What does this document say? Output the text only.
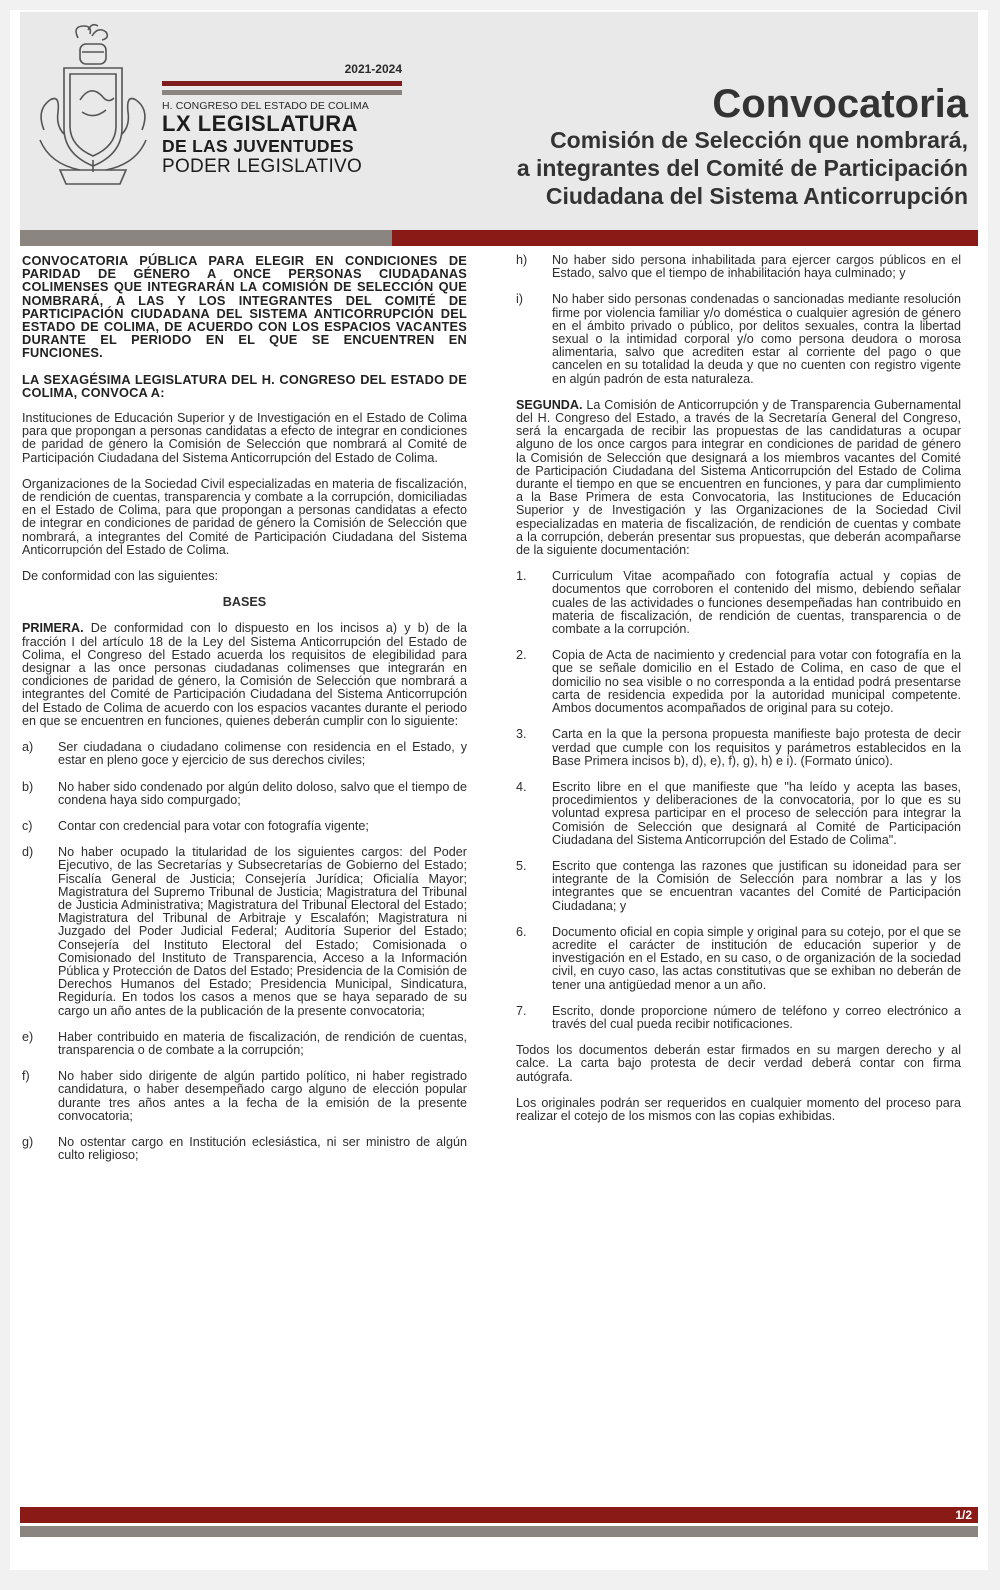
2021-2024
H. CONGRESO DEL ESTADO DE COLIMA
LX LEGISLATURA
DE LAS JUVENTUDES
PODER LEGISLATIVO
Convocatoria
Comisión de Selección que nombrará,
a integrantes del Comité de Participación
Ciudadana del Sistema Anticorrupción

CONVOCATORIA PÚBLICA PARA ELEGIR EN CONDICIONES DE PARIDAD DE GÉNERO A ONCE PERSONAS CIUDADANAS COLIMENSES QUE INTEGRARÁN LA COMISIÓN DE SELECCIÓN QUE NOMBRARÁ, A LAS Y LOS INTEGRANTES DEL COMITÉ DE PARTICIPACIÓN CIUDADANA DEL SISTEMA ANTICORRUPCIÓN DEL ESTADO DE COLIMA, DE ACUERDO CON LOS ESPACIOS VACANTES DURANTE EL PERIODO EN EL QUE SE ENCUENTREN EN FUNCIONES.

LA SEXAGÉSIMA LEGISLATURA DEL H. CONGRESO DEL ESTADO DE COLIMA, CONVOCA A:

Instituciones de Educación Superior y de Investigación en el Estado de Colima para que propongan a personas candidatas a efecto de integrar en condiciones de paridad de género la Comisión de Selección que nombrará al Comité de Participación Ciudadana del Sistema Anticorrupción del Estado de Colima.

Organizaciones de la Sociedad Civil especializadas en materia de fiscalización, de rendición de cuentas, transparencia y combate a la corrupción, domiciliadas en el Estado de Colima, para que propongan a personas candidatas a efecto de integrar en condiciones de paridad de género la Comisión de Selección que nombrará, a integrantes del Comité de Participación Ciudadana del Sistema Anticorrupción del Estado de Colima.

De conformidad con las siguientes:

BASES

PRIMERA. De conformidad con lo dispuesto en los incisos a) y b) de la fracción I del artículo 18 de la Ley del Sistema Anticorrupción del Estado de Colima, el Congreso del Estado acuerda los requisitos de elegibilidad para designar a las once personas ciudadanas colimenses que integrarán en condiciones de paridad de género, la Comisión de Selección que nombrará a integrantes del Comité de Participación Ciudadana del Sistema Anticorrupción del Estado de Colima de acuerdo con los espacios vacantes durante el periodo en que se encuentren en funciones, quienes deberán cumplir con lo siguiente:

a)	Ser ciudadana o ciudadano colimense con residencia en el Estado, y estar en pleno goce y ejercicio de sus derechos civiles;
b)	No haber sido condenado por algún delito doloso, salvo que el tiempo de condena haya sido compurgado;
c)	Contar con credencial para votar con fotografía vigente;
d)	No haber ocupado la titularidad de los siguientes cargos: del Poder Ejecutivo, de las Secretarías y Subsecretarías de Gobierno del Estado; Fiscalía General de Justicia; Consejería Jurídica; Oficialía Mayor; Magistratura del Supremo Tribunal de Justicia; Magistratura del Tribunal de Justicia Administrativa; Magistratura del Tribunal Electoral del Estado; Magistratura del Tribunal de Arbitraje y Escalafón; Magistratura ni Juzgado del Poder Judicial Federal; Auditoría Superior del Estado; Consejería del Instituto Electoral del Estado; Comisionada o Comisionado del Instituto de Transparencia, Acceso a la Información Pública y Protección de Datos del Estado; Presidencia de la Comisión de Derechos Humanos del Estado; Presidencia Municipal, Sindicatura, Regiduría. En todos los casos a menos que se haya separado de su cargo un año antes de la publicación de la presente convocatoria;
e)	Haber contribuido en materia de fiscalización, de rendición de cuentas, transparencia o de combate a la corrupción;
f)	No haber sido dirigente de algún partido político, ni haber registrado candidatura, o haber desempeñado cargo alguno de elección popular durante tres años antes a la fecha de la emisión de la presente convocatoria;
g)	No ostentar cargo en Institución eclesiástica, ni ser ministro de algún culto religioso;
h)	No haber sido persona inhabilitada para ejercer cargos públicos en el Estado, salvo que el tiempo de inhabilitación haya culminado; y
i)	No haber sido personas condenadas o sancionadas mediante resolución firme por violencia familiar y/o doméstica o cualquier agresión de género en el ámbito privado o público, por delitos sexuales, contra la libertad sexual o la intimidad corporal y/o como persona deudora o morosa alimentaria, salvo que acrediten estar al corriente del pago o que cancelen en su totalidad la deuda y que no cuenten con registro vigente en algún padrón de esta naturaleza.

SEGUNDA. La Comisión de Anticorrupción y de Transparencia Gubernamental del H. Congreso del Estado, a través de la Secretaría General del Congreso, será la encargada de recibir las propuestas de las candidaturas a ocupar alguno de los once cargos para integrar en condiciones de paridad de género la Comisión de Selección que designará a los miembros vacantes del Comité de Participación Ciudadana del Sistema Anticorrupción del Estado de Colima durante el tiempo en que se encuentren en funciones, y para dar cumplimiento a la Base Primera de esta Convocatoria, las Instituciones de Educación Superior y de Investigación y las Organizaciones de la Sociedad Civil especializadas en materia de fiscalización, de rendición de cuentas y combate a la corrupción, deberán presentar sus propuestas, que deberán acompañarse de la siguiente documentación:

1.	Curriculum Vitae acompañado con fotografía actual y copias de documentos que corroboren el contenido del mismo, debiendo señalar cuales de las actividades o funciones desempeñadas han contribuido en materia de fiscalización, de rendición de cuentas, transparencia o de combate a la corrupción.
2.	Copia de Acta de nacimiento y credencial para votar con fotografía en la que se señale domicilio en el Estado de Colima, en caso de que el domicilio no sea visible o no corresponda a la entidad podrá presentarse carta de residencia expedida por la autoridad municipal competente. Ambos documentos acompañados de original para su cotejo.
3.	Carta en la que la persona propuesta manifieste bajo protesta de decir verdad que cumple con los requisitos y parámetros establecidos en la Base Primera incisos b), d), e), f), g), h) e i). (Formato único).
4.	Escrito libre en el que manifieste que "ha leído y acepta las bases, procedimientos y deliberaciones de la convocatoria, por lo que es su voluntad expresa participar en el proceso de selección para integrar la Comisión de Selección que designará al Comité de Participación Ciudadana del Sistema Anticorrupción del Estado de Colima".
5.	Escrito que contenga las razones que justifican su idoneidad para ser integrante de la Comisión de Selección para nombrar a las y los integrantes que se encuentran vacantes del Comité de Participación Ciudadana; y
6.	Documento oficial en copia simple y original para su cotejo, por el que se acredite el carácter de institución de educación superior y de investigación en el Estado, en su caso, o de organización de la sociedad civil, en cuyo caso, las actas constitutivas que se exhiban no deberán de tener una antigüedad menor a un año.
7.	Escrito, donde proporcione número de teléfono y correo electrónico a través del cual pueda recibir notificaciones.

Todos los documentos deberán estar firmados en su margen derecho y al calce. La carta bajo protesta de decir verdad deberá contar con firma autógrafa.

Los originales podrán ser requeridos en cualquier momento del proceso para realizar el cotejo de los mismos con las copias exhibidas.

1/2
